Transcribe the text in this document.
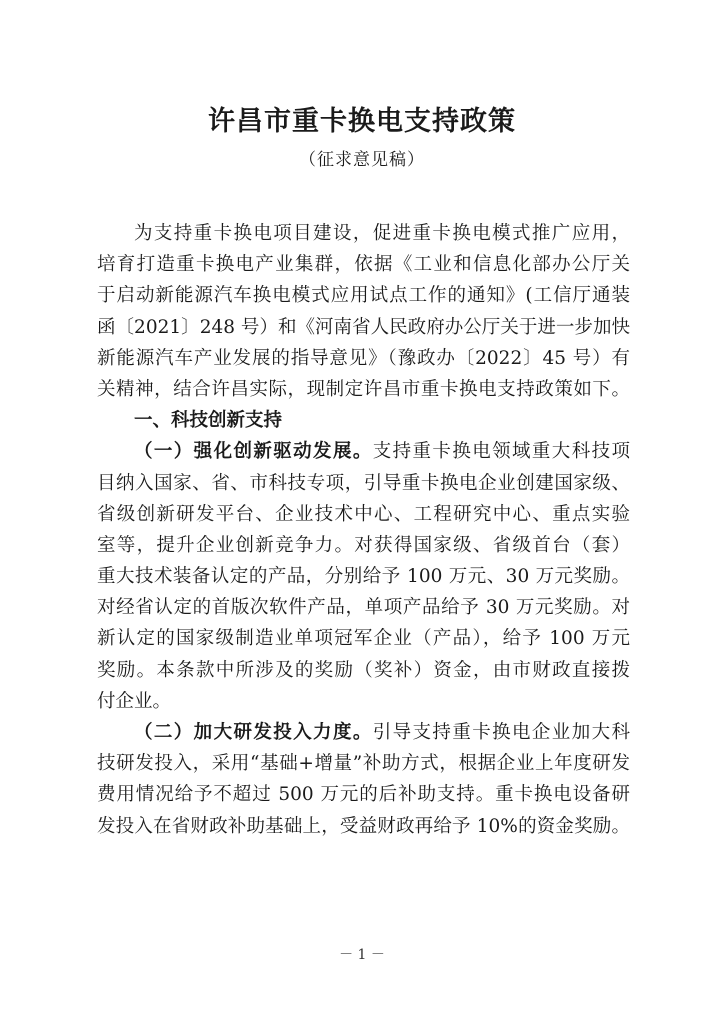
许昌市重卡换电支持政策
（征求意见稿）
为支持重卡换电项目建设，促进重卡换电模式推广应用，
培育打造重卡换电产业集群，依据《工业和信息化部办公厅关
于启动新能源汽车换电模式应用试点工作的通知》(工信厅通装
函〔2021〕248 号）和《河南省人民政府办公厅关于进一步加快
新能源汽车产业发展的指导意见》（豫政办〔2022〕45 号）有
关精神，结合许昌实际，现制定许昌市重卡换电支持政策如下。
一、科技创新支持
（一）强化创新驱动发展。支持重卡换电领域重大科技项
目纳入国家、省、市科技专项，引导重卡换电企业创建国家级、
省级创新研发平台、企业技术中心、工程研究中心、重点实验
室等，提升企业创新竞争力。对获得国家级、省级首台（套）
重大技术装备认定的产品，分别给予 100 万元、30 万元奖励。
对经省认定的首版次软件产品，单项产品给予 30 万元奖励。对
新认定的国家级制造业单项冠军企业（产品），给予 100 万元
奖励。本条款中所涉及的奖励（奖补）资金，由市财政直接拨
付企业。
（二）加大研发投入力度。引导支持重卡换电企业加大科
技研发投入，采用“基础+增量”补助方式，根据企业上年度研发
费用情况给予不超过 500 万元的后补助支持。重卡换电设备研
发投入在省财政补助基础上，受益财政再给予 10%的资金奖励。
－ 1 －
